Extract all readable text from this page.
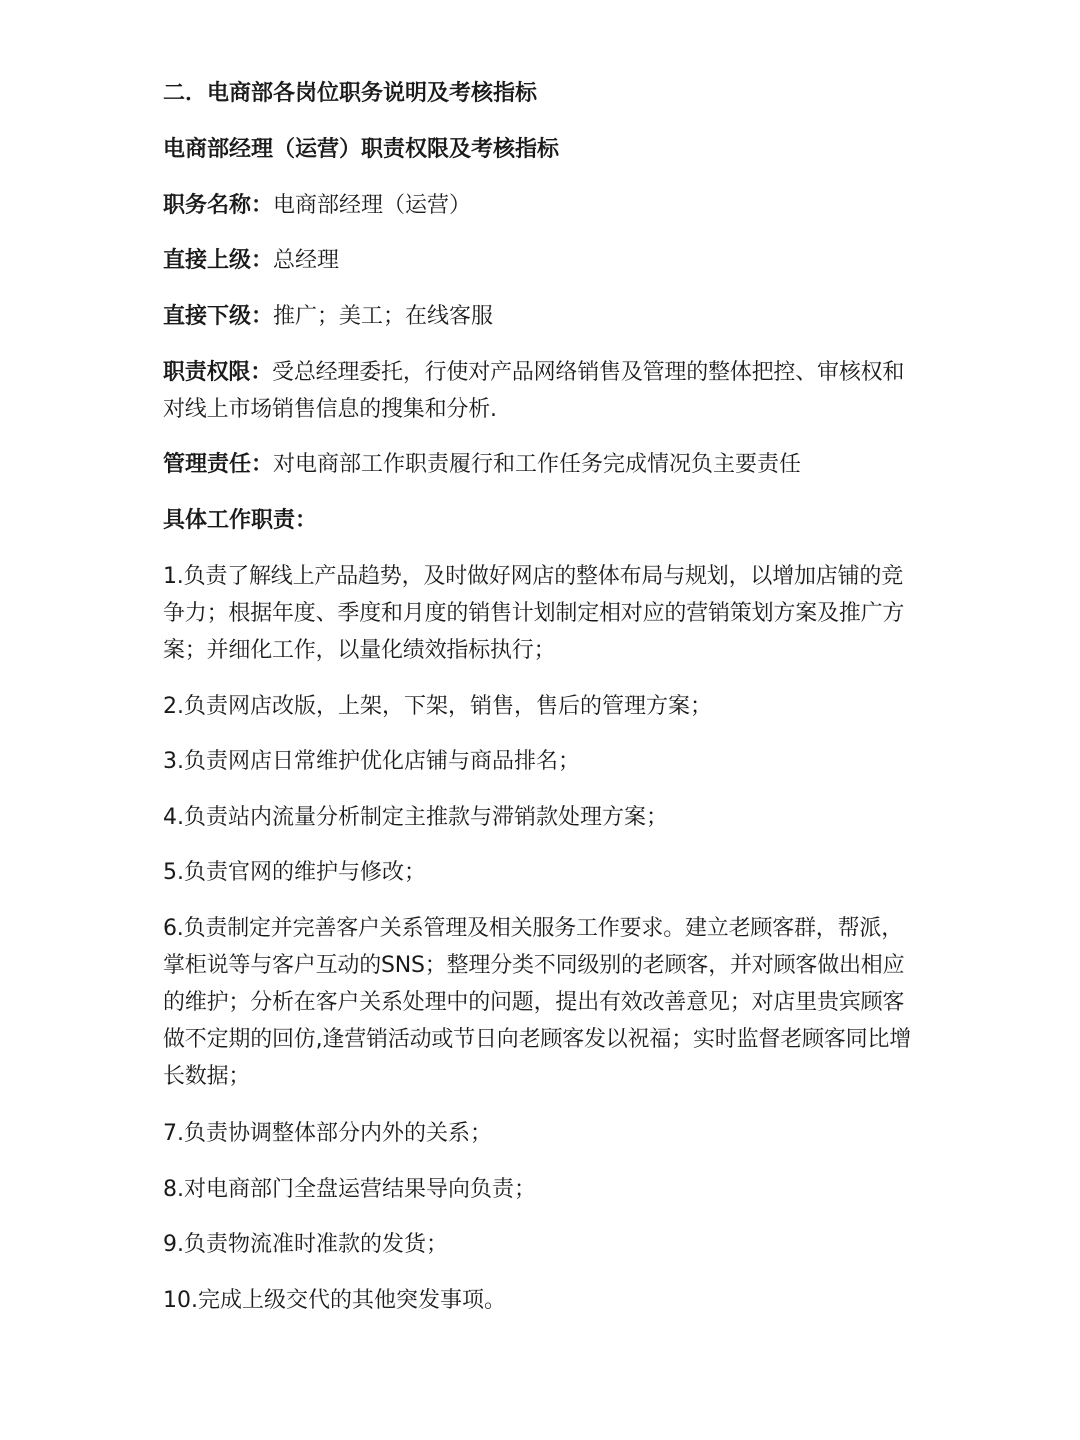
二．电商部各岗位职务说明及考核指标
电商部经理（运营）职责权限及考核指标
职务名称：电商部经理（运营）
直接上级：总经理
直接下级：推广；美工；在线客服
职责权限：受总经理委托，行使对产品网络销售及管理的整体把控、审核权和对线上市场销售信息的搜集和分析.
管理责任：对电商部工作职责履行和工作任务完成情况负主要责任
具体工作职责：
1.负责了解线上产品趋势，及时做好网店的整体布局与规划，以增加店铺的竞争力；根据年度、季度和月度的销售计划制定相对应的营销策划方案及推广方案；并细化工作，以量化绩效指标执行；
2.负责网店改版，上架，下架，销售，售后的管理方案；
3.负责网店日常维护优化店铺与商品排名；
4.负责站内流量分析制定主推款与滞销款处理方案；
5.负责官网的维护与修改；
6.负责制定并完善客户关系管理及相关服务工作要求。建立老顾客群，帮派，掌柜说等与客户互动的SNS；整理分类不同级别的老顾客，并对顾客做出相应的维护；分析在客户关系处理中的问题，提出有效改善意见；对店里贵宾顾客做不定期的回仿,逢营销活动或节日向老顾客发以祝福；实时监督老顾客同比增长数据；
7.负责协调整体部分内外的关系；
8.对电商部门全盘运营结果导向负责；
9.负责物流准时准款的发货；
10.完成上级交代的其他突发事项。
